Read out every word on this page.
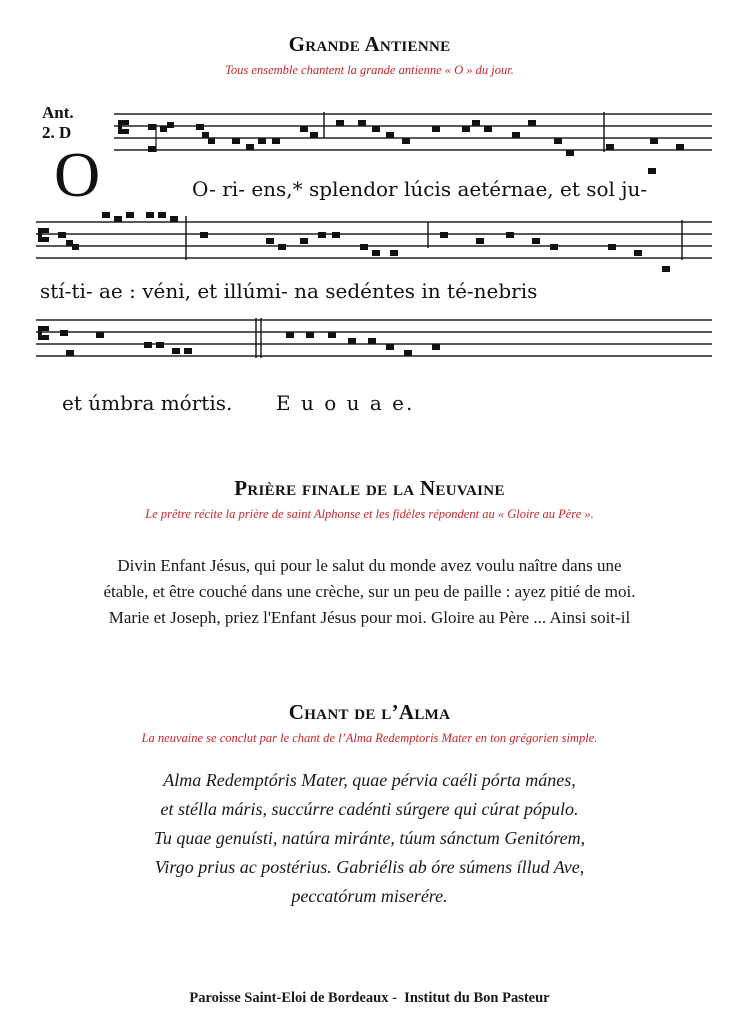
Grande Antienne
Tous ensemble chantent la grande antienne « O » du jour.
Ant.
2. D
O	O- ri- ens,* splendor lúcis aetérnae, et sol ju-
stí-ti- ae : véni, et illúmi- na sedéntes in té-nebris
et úmbra mórtis. E u o u a e.
Prière finale de la Neuvaine
Le prêtre récite la prière de saint Alphonse et les fidèles répondent au « Gloire au Père ».
Divin Enfant Jésus, qui pour le salut du monde avez voulu naître dans une
étable, et être couché dans une crèche, sur un peu de paille : ayez pitié de moi.
Marie et Joseph, priez l'Enfant Jésus pour moi. Gloire au Père ... Ainsi soit-il
Chant de l’Alma
La neuvaine se conclut par le chant de l’Alma Redemptoris Mater en ton grégorien simple.
Alma Redemptóris Mater, quae pérvia caéli pórta mánes,
et stélla máris, succúrre cadénti súrgere qui cúrat pópulo.
Tu quae genuísti, natúra miránte, túum sánctum Genitórem,
Virgo prius ac postérius. Gabriélis ab óre súmens íllud Ave,
peccatórum miserére.
Paroisse Saint-Eloi de Bordeaux -  Institut du Bon Pasteur
